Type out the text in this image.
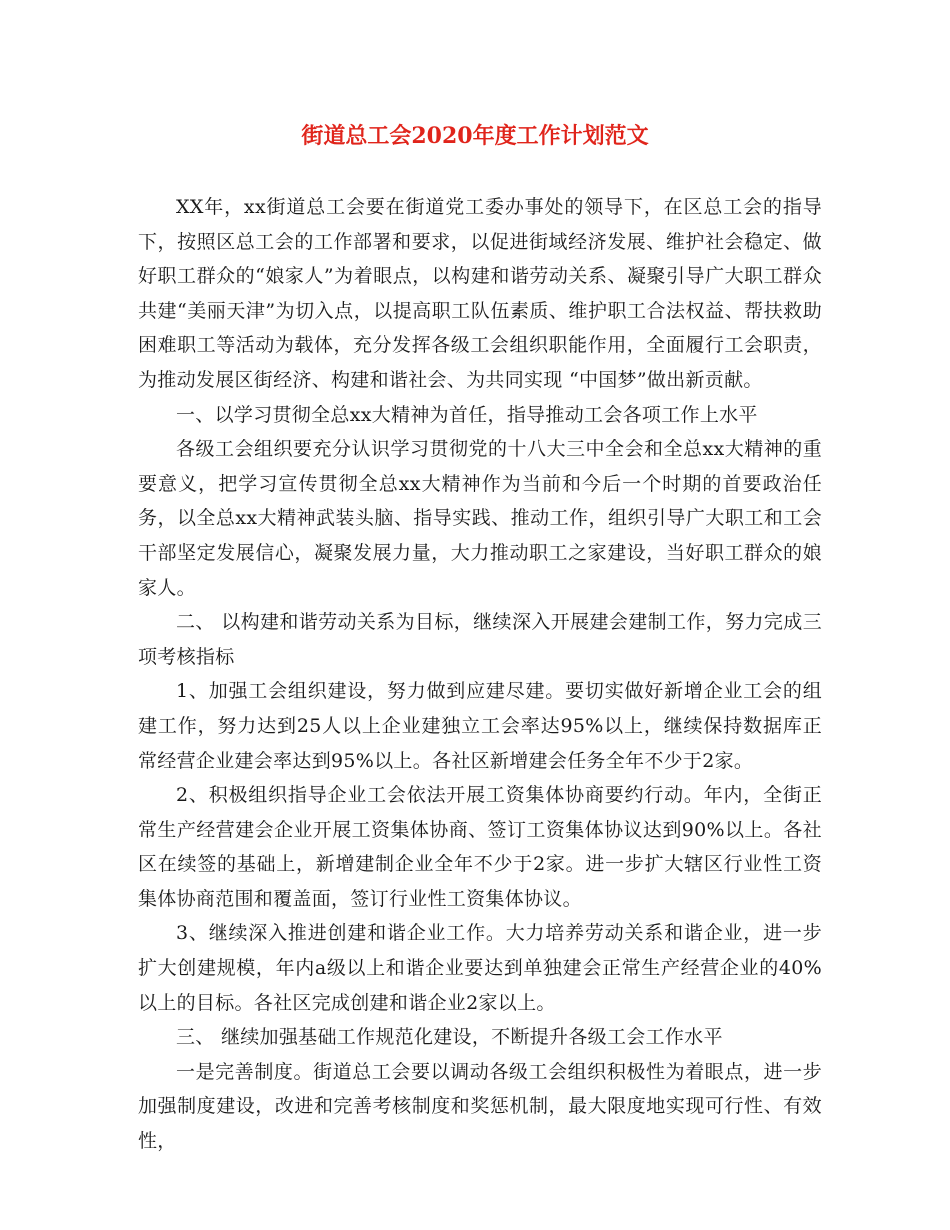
街道总工会2020年度工作计划范文

XX年，xx街道总工会要在街道党工委办事处的领导下，在区总工会的指导下，按照区总工会的工作部署和要求，以促进街域经济发展、维护社会稳定、做好职工群众的“娘家人”为着眼点，以构建和谐劳动关系、凝聚引导广大职工群众共建“美丽天津”为切入点，以提高职工队伍素质、维护职工合法权益、帮扶救助困难职工等活动为载体，充分发挥各级工会组织职能作用，全面履行工会职责，为推动发展区街经济、构建和谐社会、为共同实现 “中国梦”做出新贡献。

一、以学习贯彻全总xx大精神为首任，指导推动工会各项工作上水平

各级工会组织要充分认识学习贯彻党的十八大三中全会和全总xx大精神的重要意义，把学习宣传贯彻全总xx大精神作为当前和今后一个时期的首要政治任务，以全总xx大精神武装头脑、指导实践、推动工作，组织引导广大职工和工会干部坚定发展信心，凝聚发展力量，大力推动职工之家建设，当好职工群众的娘家人。

二、 以构建和谐劳动关系为目标，继续深入开展建会建制工作，努力完成三项考核指标

1、加强工会组织建设，努力做到应建尽建。要切实做好新增企业工会的组建工作，努力达到25人以上企业建独立工会率达95%以上，继续保持数据库正常经营企业建会率达到95%以上。各社区新增建会任务全年不少于2家。

2、积极组织指导企业工会依法开展工资集体协商要约行动。年内，全街正常生产经营建会企业开展工资集体协商、签订工资集体协议达到90%以上。各社区在续签的基础上，新增建制企业全年不少于2家。进一步扩大辖区行业性工资集体协商范围和覆盖面，签订行业性工资集体协议。

3、继续深入推进创建和谐企业工作。大力培养劳动关系和谐企业，进一步扩大创建规模，年内a级以上和谐企业要达到单独建会正常生产经营企业的40%以上的目标。各社区完成创建和谐企业2家以上。

三、 继续加强基础工作规范化建设，不断提升各级工会工作水平

一是完善制度。街道总工会要以调动各级工会组织积极性为着眼点，进一步加强制度建设，改进和完善考核制度和奖惩机制，最大限度地实现可行性、有效性，
